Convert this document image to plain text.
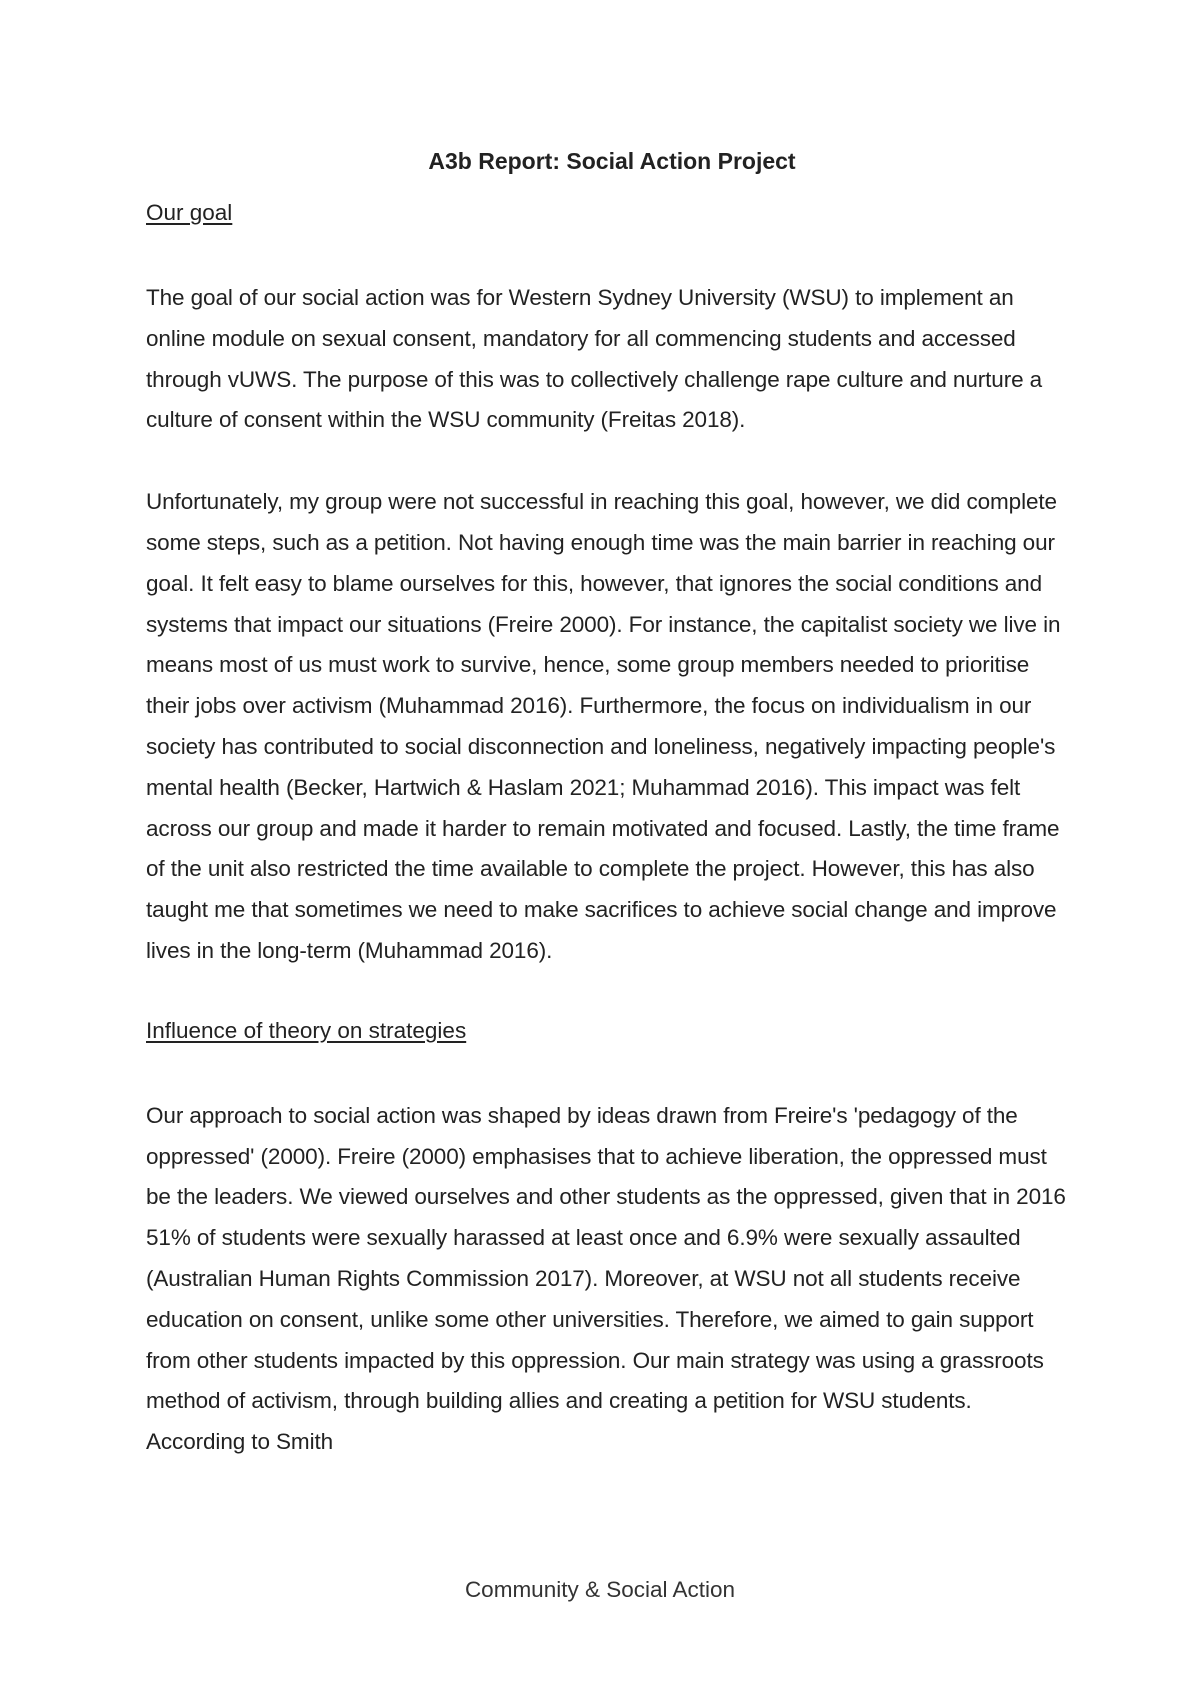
A3b Report: Social Action Project

Our goal

The goal of our social action was for Western Sydney University (WSU) to implement an online module on sexual consent, mandatory for all commencing students and accessed through vUWS. The purpose of this was to collectively challenge rape culture and nurture a culture of consent within the WSU community (Freitas 2018).

Unfortunately, my group were not successful in reaching this goal, however, we did complete some steps, such as a petition. Not having enough time was the main barrier in reaching our goal. It felt easy to blame ourselves for this, however, that ignores the social conditions and systems that impact our situations (Freire 2000). For instance, the capitalist society we live in means most of us must work to survive, hence, some group members needed to prioritise their jobs over activism (Muhammad 2016). Furthermore, the focus on individualism in our society has contributed to social disconnection and loneliness, negatively impacting people's mental health (Becker, Hartwich & Haslam 2021; Muhammad 2016). This impact was felt across our group and made it harder to remain motivated and focused. Lastly, the time frame of the unit also restricted the time available to complete the project. However, this has also taught me that sometimes we need to make sacrifices to achieve social change and improve lives in the long-term (Muhammad 2016).

Influence of theory on strategies

Our approach to social action was shaped by ideas drawn from Freire's 'pedagogy of the oppressed' (2000). Freire (2000) emphasises that to achieve liberation, the oppressed must be the leaders. We viewed ourselves and other students as the oppressed, given that in 2016 51% of students were sexually harassed at least once and 6.9% were sexually assaulted (Australian Human Rights Commission 2017). Moreover, at WSU not all students receive education on consent, unlike some other universities. Therefore, we aimed to gain support from other students impacted by this oppression. Our main strategy was using a grassroots method of activism, through building allies and creating a petition for WSU students. According to Smith

Community & Social Action
